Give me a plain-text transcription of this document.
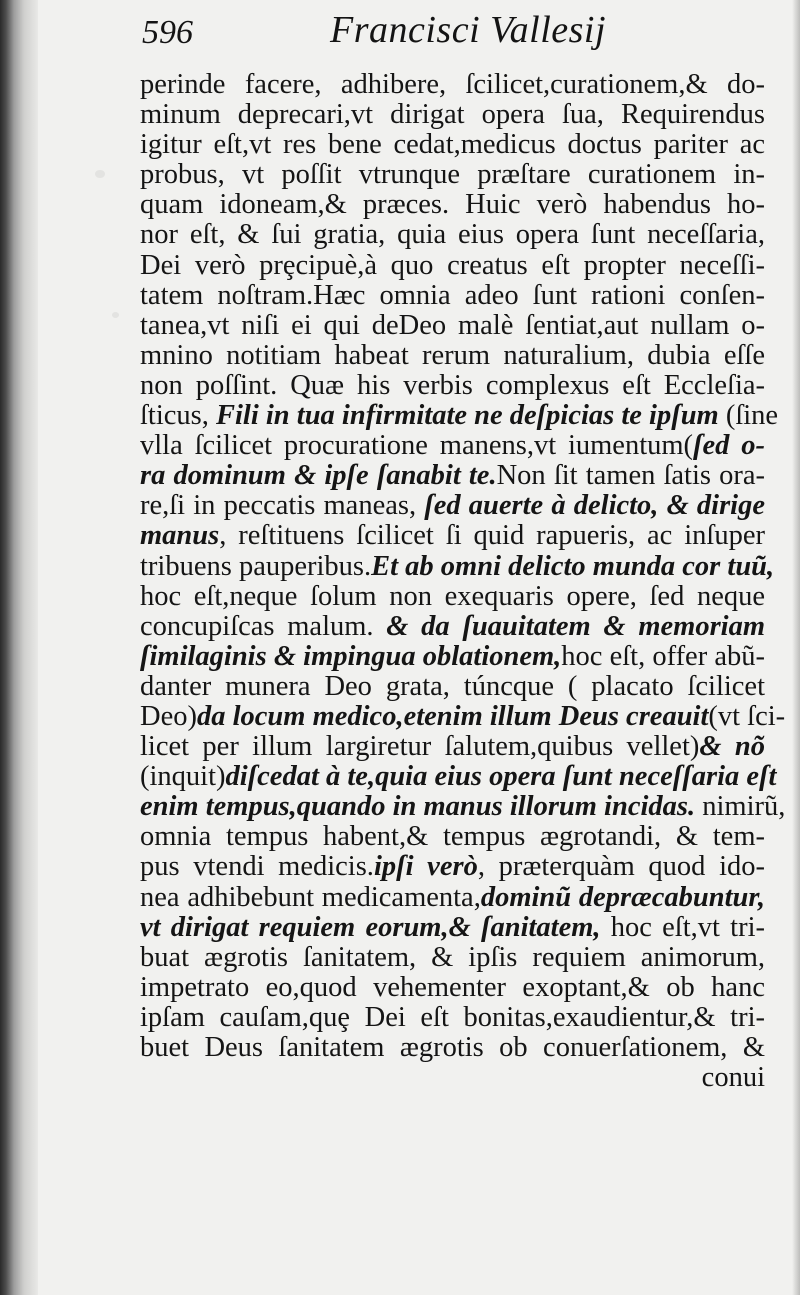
596	Francisci Vallesij
perinde facere, adhibere, ſcilicet,curationem,& do-
minum deprecari,vt dirigat opera ſua, Requirendus
igitur eſt,vt res bene cedat,medicus doctus pariter ac
probus, vt poſſit vtrunque præſtare curationem in-
quam idoneam,& præces. Huic verò habendus ho-
nor eſt, & ſui gratia, quia eius opera ſunt neceſſaria,
Dei verò prȩcipuè,à quo creatus eſt propter neceſſi-
tatem noſtram.Hæc omnia adeo ſunt rationi conſen-
tanea,vt niſi ei qui deDeo malè ſentiat,aut nullam o-
mnino notitiam habeat rerum naturalium, dubia eſſe
non poſſint. Quæ his verbis complexus eſt Eccleſia-
ſticus, Fili in tua infirmitate ne deſpicias te ipſum (ſine
vlla ſcilicet procuratione manens,vt iumentum(ſed o-
ra dominum & ipſe ſanabit te.Non ſit tamen ſatis ora-
re,ſi in peccatis maneas, ſed auerte à delicto, & dirige
manus, reſtituens ſcilicet ſi quid rapueris, ac inſuper
tribuens pauperibus.Et ab omni delicto munda cor tuũ,
hoc eſt,neque ſolum non exequaris opere, ſed neque
concupiſcas malum. & da ſuauitatem & memoriam
ſimilaginis & impingua oblationem,hoc eſt, offer abũ-
danter munera Deo grata, túncque ( placato ſcilicet
Deo)da locum medico,etenim illum Deus creauit(vt ſci-
licet per illum largiretur ſalutem,quibus vellet)& nõ
(inquit)diſcedat à te,quia eius opera ſunt neceſſaria eſt
enim tempus,quando in manus illorum incidas. nimirũ,
omnia tempus habent,& tempus ægrotandi, & tem-
pus vtendi medicis.ipſi verò, præterquàm quod ido-
nea adhibebunt medicamenta,dominũ depræcabuntur,
vt dirigat requiem eorum,& ſanitatem, hoc eſt,vt tri-
buat ægrotis ſanitatem, & ipſis requiem animorum,
impetrato eo,quod vehementer exoptant,& ob hanc
ipſam cauſam,quȩ Dei eſt bonitas,exaudientur,& tri-
buet Deus ſanitatem ægrotis ob conuerſationem, &
conui
